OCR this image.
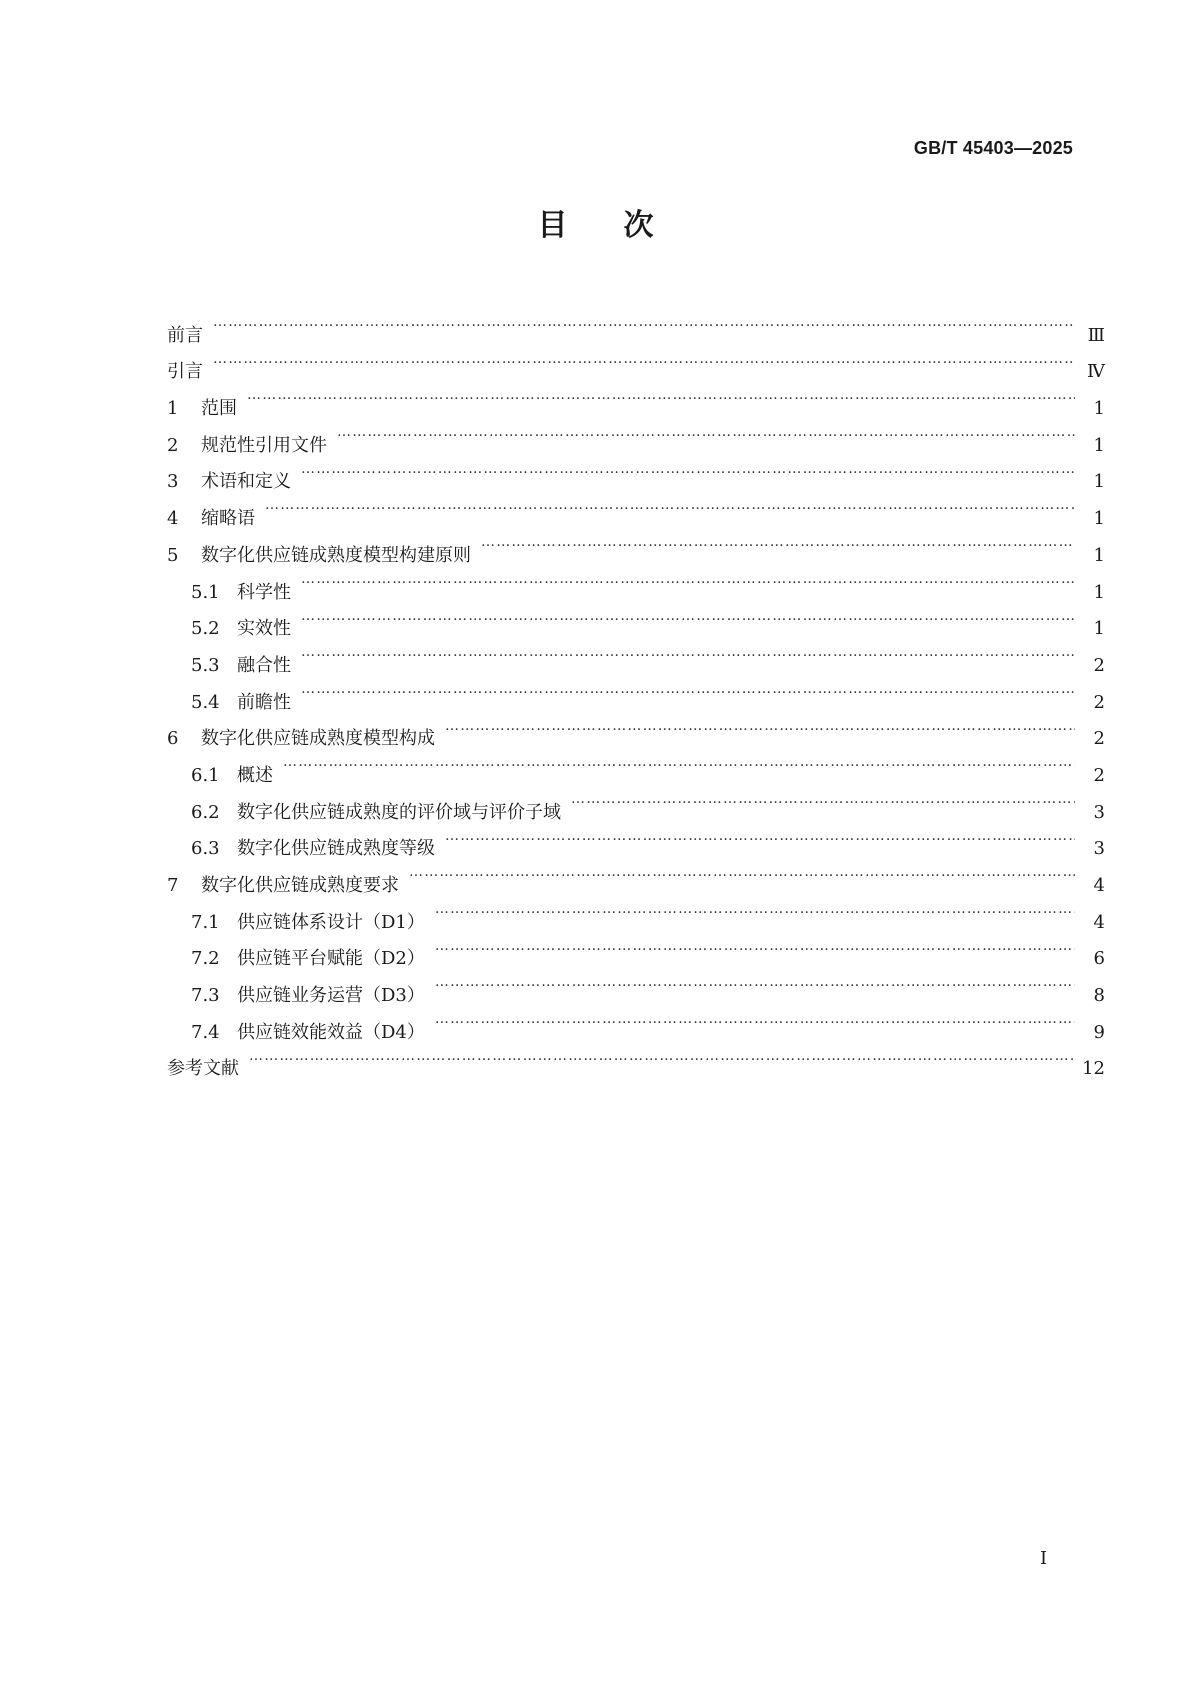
GB/T 45403—2025
目次
前言 …………………………………………………………………………………………………………………………………………………………………………………………………………………………………………	Ⅲ
引言 …………………………………………………………………………………………………………………………………………………………………………………………………………………………………………	Ⅳ
1	范围 …………………………………………………………………………………………………………………………………………………………………………………………………………………………………………	1
2	规范性引用文件 …………………………………………………………………………………………………………………………………………………………………………………………………………………………………………	1
3	术语和定义 …………………………………………………………………………………………………………………………………………………………………………………………………………………………………………	1
4	缩略语 …………………………………………………………………………………………………………………………………………………………………………………………………………………………………………	1
5	数字化供应链成熟度模型构建原则 …………………………………………………………………………………………………………………………………………………………………………………………………………………………………………	1
5.1 科学性 …………………………………………………………………………………………………………………………………………………………………………………………………………………………………………	1
5.2 实效性 …………………………………………………………………………………………………………………………………………………………………………………………………………………………………………	1
5.3 融合性 …………………………………………………………………………………………………………………………………………………………………………………………………………………………………………	2
5.4 前瞻性 …………………………………………………………………………………………………………………………………………………………………………………………………………………………………………	2
6	数字化供应链成熟度模型构成 …………………………………………………………………………………………………………………………………………………………………………………………………………………………………………	2
6.1 概述 …………………………………………………………………………………………………………………………………………………………………………………………………………………………………………	2
6.2 数字化供应链成熟度的评价域与评价子域 …………………………………………………………………………………………………………………………………………………………………………………………………………………………………………	3
6.3 数字化供应链成熟度等级 …………………………………………………………………………………………………………………………………………………………………………………………………………………………………………	3
7	数字化供应链成熟度要求 …………………………………………………………………………………………………………………………………………………………………………………………………………………………………………	4
7.1 供应链体系设计（D1） …………………………………………………………………………………………………………………………………………………………………………………………………………………………………………	4
7.2 供应链平台赋能（D2） …………………………………………………………………………………………………………………………………………………………………………………………………………………………………………	6
7.3 供应链业务运营（D3） …………………………………………………………………………………………………………………………………………………………………………………………………………………………………………	8
7.4 供应链效能效益（D4） …………………………………………………………………………………………………………………………………………………………………………………………………………………………………………	9
参考文献 …………………………………………………………………………………………………………………………………………………………………………………………………………………………………………	12
Ⅰ
